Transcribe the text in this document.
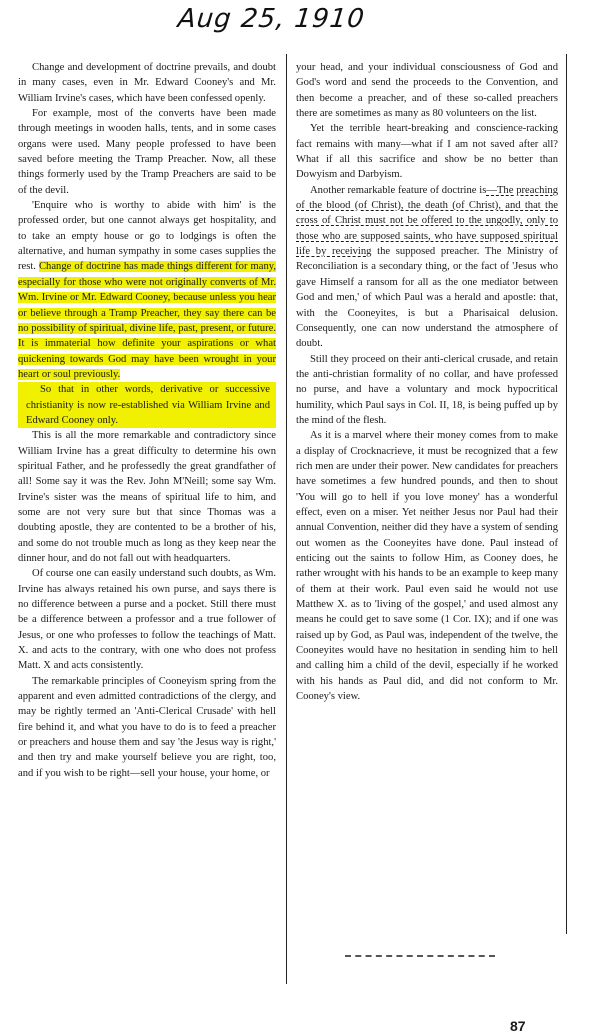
Aug 25, 1910

Change and development of doctrine prevails, and doubt in many cases, even in Mr. Edward Cooney's and Mr. William Irvine's cases, which have been confessed openly.

For example, most of the converts have been made through meetings in wooden halls, tents, and in some cases organs were used. Many people professed to have been saved before meeting the Tramp Preacher. Now, all these things formerly used by the Tramp Preachers are said to be of the devil.

'Enquire who is worthy to abide with him' is the professed order, but one cannot always get hospitality, and to take an empty house or go to lodgings is often the alternative, and human sympathy in some cases supplies the rest. Change of doctrine has made things different for many, especially for those who were not originally converts of Mr. Wm. Irvine or Mr. Edward Cooney, because unless you hear or believe through a Tramp Preacher, they say there can be no possibility of spiritual, divine life, past, present, or future. It is immaterial how definite your aspirations or what quickening towards God may have been wrought in your heart or soul previously.

So that in other words, derivative or successive christianity is now re-established via William Irvine and Edward Cooney only.

This is all the more remarkable and contradictory since William Irvine has a great difficulty to determine his own spiritual Father, and he professedly the great grandfather of all! Some say it was the Rev. John M'Neill; some say Wm. Irvine's sister was the means of spiritual life to him, and some are not very sure but that since Thomas was a doubting apostle, they are contented to be a brother of his, and some do not trouble much as long as they keep near the dinner hour, and do not fall out with headquarters.

Of course one can easily understand such doubts, as Wm. Irvine has always retained his own purse, and says there is no difference between a purse and a pocket. Still there must be a difference between a professor and a true follower of Jesus, or one who professes to follow the teachings of Matt. X. and acts to the contrary, with one who does not profess Matt. X and acts consistently.

The remarkable principles of Cooneyism spring from the apparent and even admitted contradictions of the clergy, and may be rightly termed an 'Anti-Clerical Crusade' with hell fire behind it, and what you have to do is to feed a preacher or preachers and house them and say 'the Jesus way is right,' and then try and make yourself believe you are right, too, and if you wish to be right—sell your house, your home, or

your head, and your individual consciousness of God and God's word and send the proceeds to the Convention, and then become a preacher, and of these so-called preachers there are sometimes as many as 80 volunteers on the list.

Yet the terrible heart-breaking and conscience-racking fact remains with many—what if I am not saved after all? What if all this sacrifice and show be no better than Dowyism and Darbyism.

Another remarkable feature of doctrine is—The preaching of the blood (of Christ), the death (of Christ), and that the cross of Christ must not be offered to the ungodly, only to those who are supposed saints, who have supposed spiritual life by receiving the supposed preacher. The Ministry of Reconciliation is a secondary thing, or the fact of 'Jesus who gave Himself a ransom for all as the one mediator between God and men,' of which Paul was a herald and apostle: that, with the Cooneyites, is but a Pharisaical delusion. Consequently, one can now understand the atmosphere of doubt.

Still they proceed on their anti-clerical crusade, and retain the anti-christian formality of no collar, and have professed no purse, and have a voluntary and mock hypocritical humility, which Paul says in Col. II, 18, is being puffed up by the mind of the flesh.

As it is a marvel where their money comes from to make a display of Crocknacrieve, it must be recognized that a few rich men are under their power. New candidates for preachers have sometimes a few hundred pounds, and then to shout 'You will go to hell if you love money' has a wonderful effect, even on a miser. Yet neither Jesus nor Paul had their annual Convention, neither did they have a system of sending out women as the Cooneyites have done. Paul instead of enticing out the saints to follow Him, as Cooney does, he rather wrought with his hands to be an example to keep many of them at their work. Paul even said he would not use Matthew X. as to 'living of the gospel,' and used almost any means he could get to save some (1 Cor. IX); and if one was raised up by God, as Paul was, independent of the twelve, the Cooneyites would have no hesitation in sending him to hell and calling him a child of the devil, especially if he worked with his hands as Paul did, and did not conform to Mr. Cooney's view.

87
